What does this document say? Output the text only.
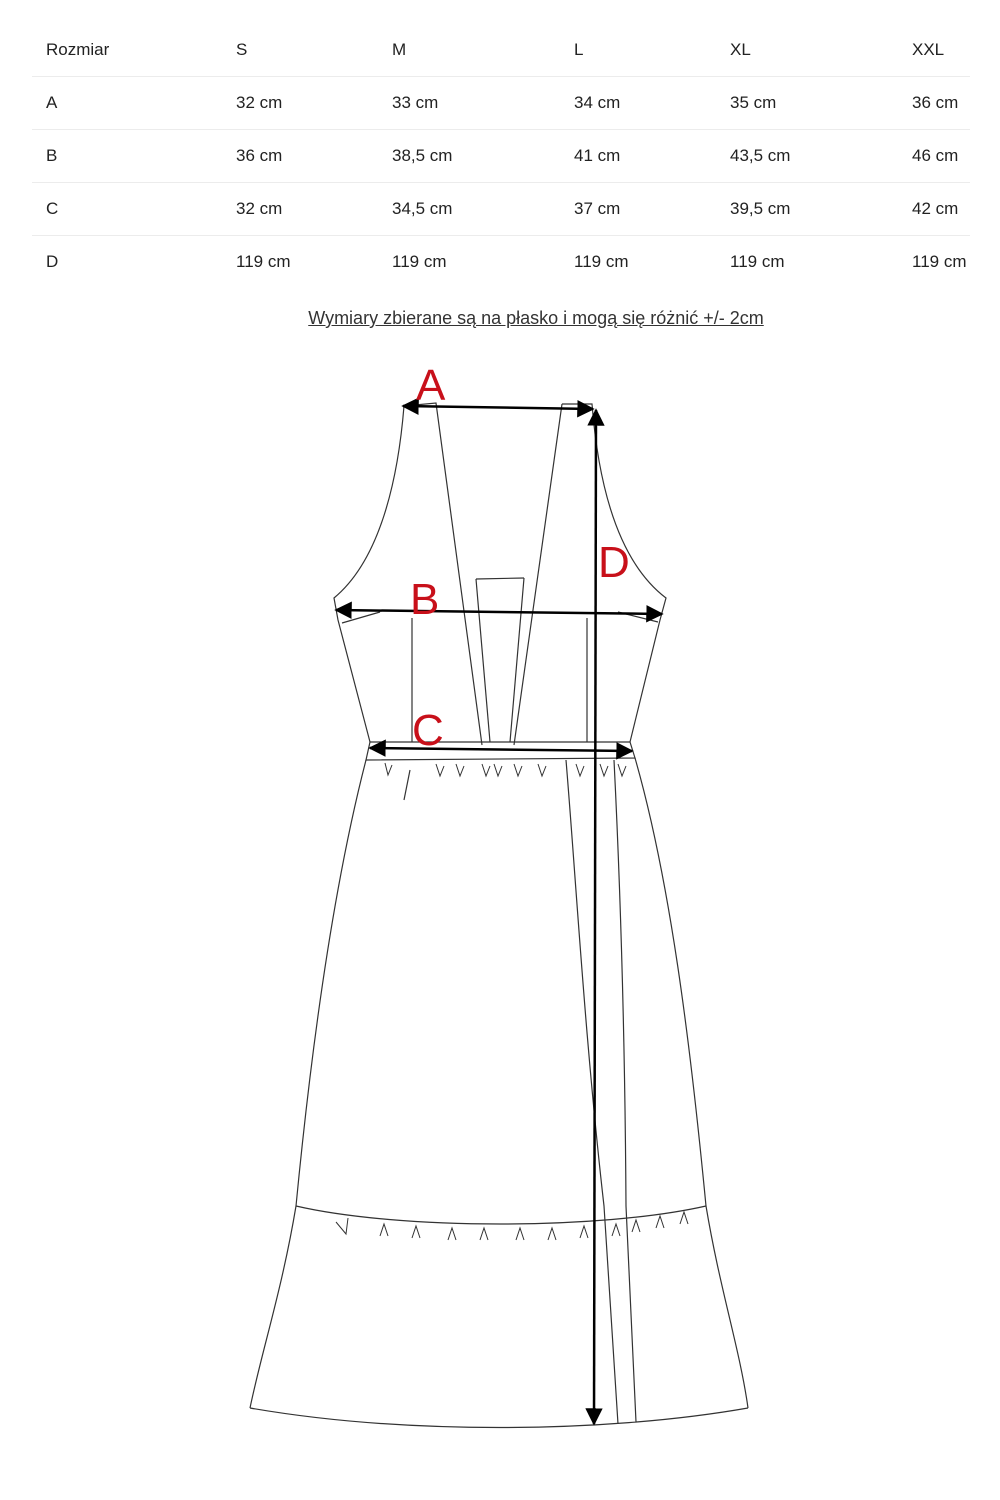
Rozmiar	S	M	L	XL	XXL
A	32 cm	33 cm	34 cm	35 cm	36 cm
B	36 cm	38,5 cm	41 cm	43,5 cm	46 cm
C	32 cm	34,5 cm	37 cm	39,5 cm	42 cm
D	119 cm	119 cm	119 cm	119 cm	119 cm
Wymiary zbierane są na płasko i mogą się różnić +/- 2cm
A
B
C
D
